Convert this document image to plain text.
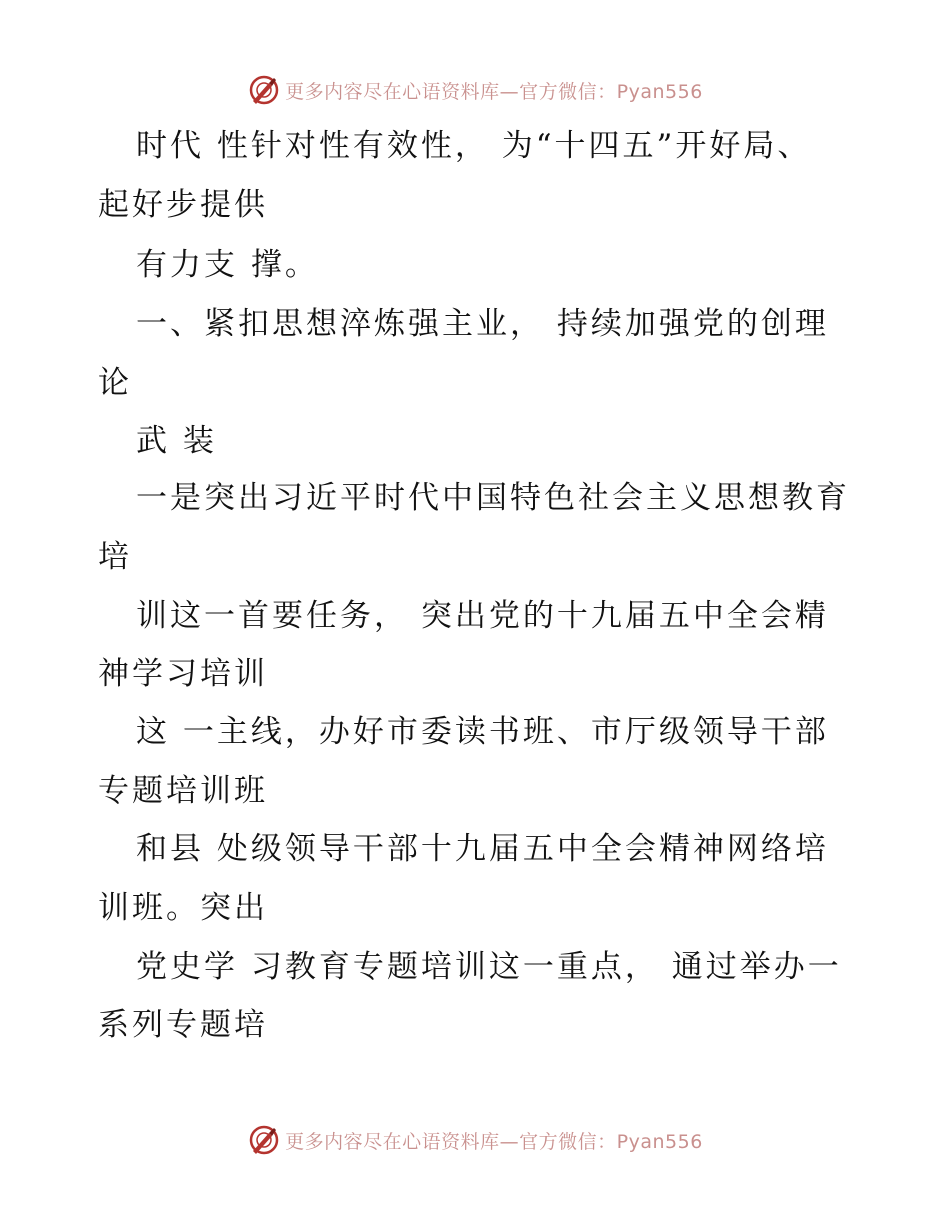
更多内容尽在心语资料库—官方微信：Pyan556
时代 性针对性有效性， 为“十四五”开好局、
起好步提供
有力支 撑。
一、紧扣思想淬炼强主业， 持续加强党的创理
论
武 装
一是突出习近平时代中国特色社会主义思想教育
培
训这一首要任务， 突出党的十九届五中全会精
神学习培训
这 一主线，办好市委读书班、市厅级领导干部
专题培训班
和县 处级领导干部十九届五中全会精神网络培
训班。突出
党史学 习教育专题培训这一重点， 通过举办一
系列专题培
更多内容尽在心语资料库—官方微信：Pyan556
